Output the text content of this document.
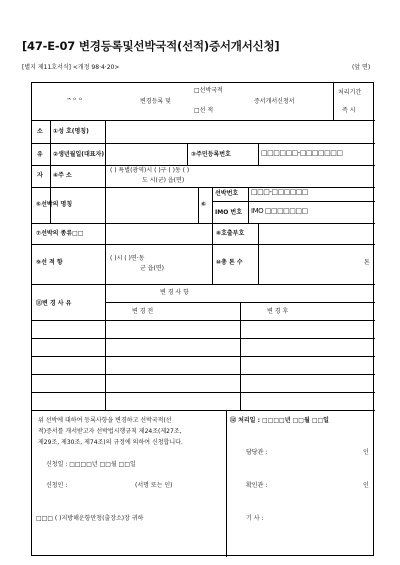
[47-E-07 변경등록및선박국적(선적)증서개서신청]
[별지 제11호서식] <개정 98·4·20>	(앞 면)
ᄌᄋᄋ	변경등록 및
□선박국적
□선 적
증서개서신청서
처리기간
즉 시
소
유
자
①성 호(명칭)
②생년월일(대표자)	③주민등록번호	□□□□□□-□□□□□□□
④주 소
( ) 특별(광역)시 ( )구 ( )동 ( )
도 시(군) 읍(면)
⑤선박의 명칭	⑥
선박번호 □□□-□□□□□□
IMO 번호 IMO □□□□□□□
⑦선박의 종류□□	⑧호출부호
⑨선 적 항
( )시 ( )면·동
군 읍(면)
⑩총 톤 수	톤
⑪변 경 사 유
변 경 사 항
변 경 전	변 경 후
위 선박에 대하여 등록사항을 변경하고 선박국적(선
적)증서를 개서받고자 선박법시행규칙 제24조(제27조,
제29조, 제30조, 제74조)의 규정에 의하여 신청합니다.
신청일 : □□□□년 □□월 □□일
신청인 :	(서명 또는 인)
□□□ ( )지방해운항만청(출장소)장 귀하
⑫ 처리일 : □□□□년 □□월 □□일
담당관 :	인
확인관 :	인
기 사 :
